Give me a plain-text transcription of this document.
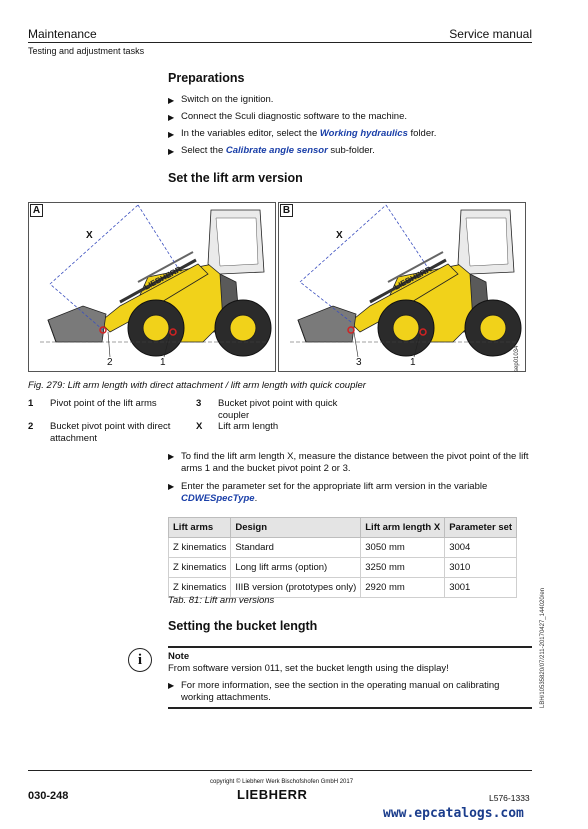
Maintenance	Service manual
Testing and adjustment tasks
Preparations
▶ Switch on the ignition.
▶ Connect the Sculi diagnostic software to the machine.
▶ In the variables editor, select the Working hydraulics folder.
▶ Select the Calibrate angle sensor sub-folder.
Set the lift arm version
A	B
X	X
2	1	3	1	sep01034
Fig. 279: Lift arm length with direct attachment / lift arm length with quick coupler
1 Pivot point of the lift arms	3 Bucket pivot point with quick coupler
2 Bucket pivot point with direct attachment
X Lift arm length
▶ To find the lift arm length X, measure the distance between the pivot point of the lift arms 1 and the bucket pivot point 2 or 3.
▶ Enter the parameter set for the appropriate lift arm version in the variable CDWESpecType.
Lift arms	Design	Lift arm length X	Parameter set
Z kinematics	Standard	3050 mm	3004
Z kinematics	Long lift arms (option)	3250 mm	3010
Z kinematics	IIIB version (prototypes only)	2920 mm	3001
Tab. 81: Lift arm versions
Setting the bucket length
i	Note
From software version 011, set the bucket length using the display!
▶ For more information, see the section in the operating manual on calibrating working attachments.	LBH/10535820/07/211-20170427_144020/en
copyright © Liebherr Werk Bischofshofen GmbH 2017
030-248	LIEBHERR	L576-1333
www.epcatalogs.com
